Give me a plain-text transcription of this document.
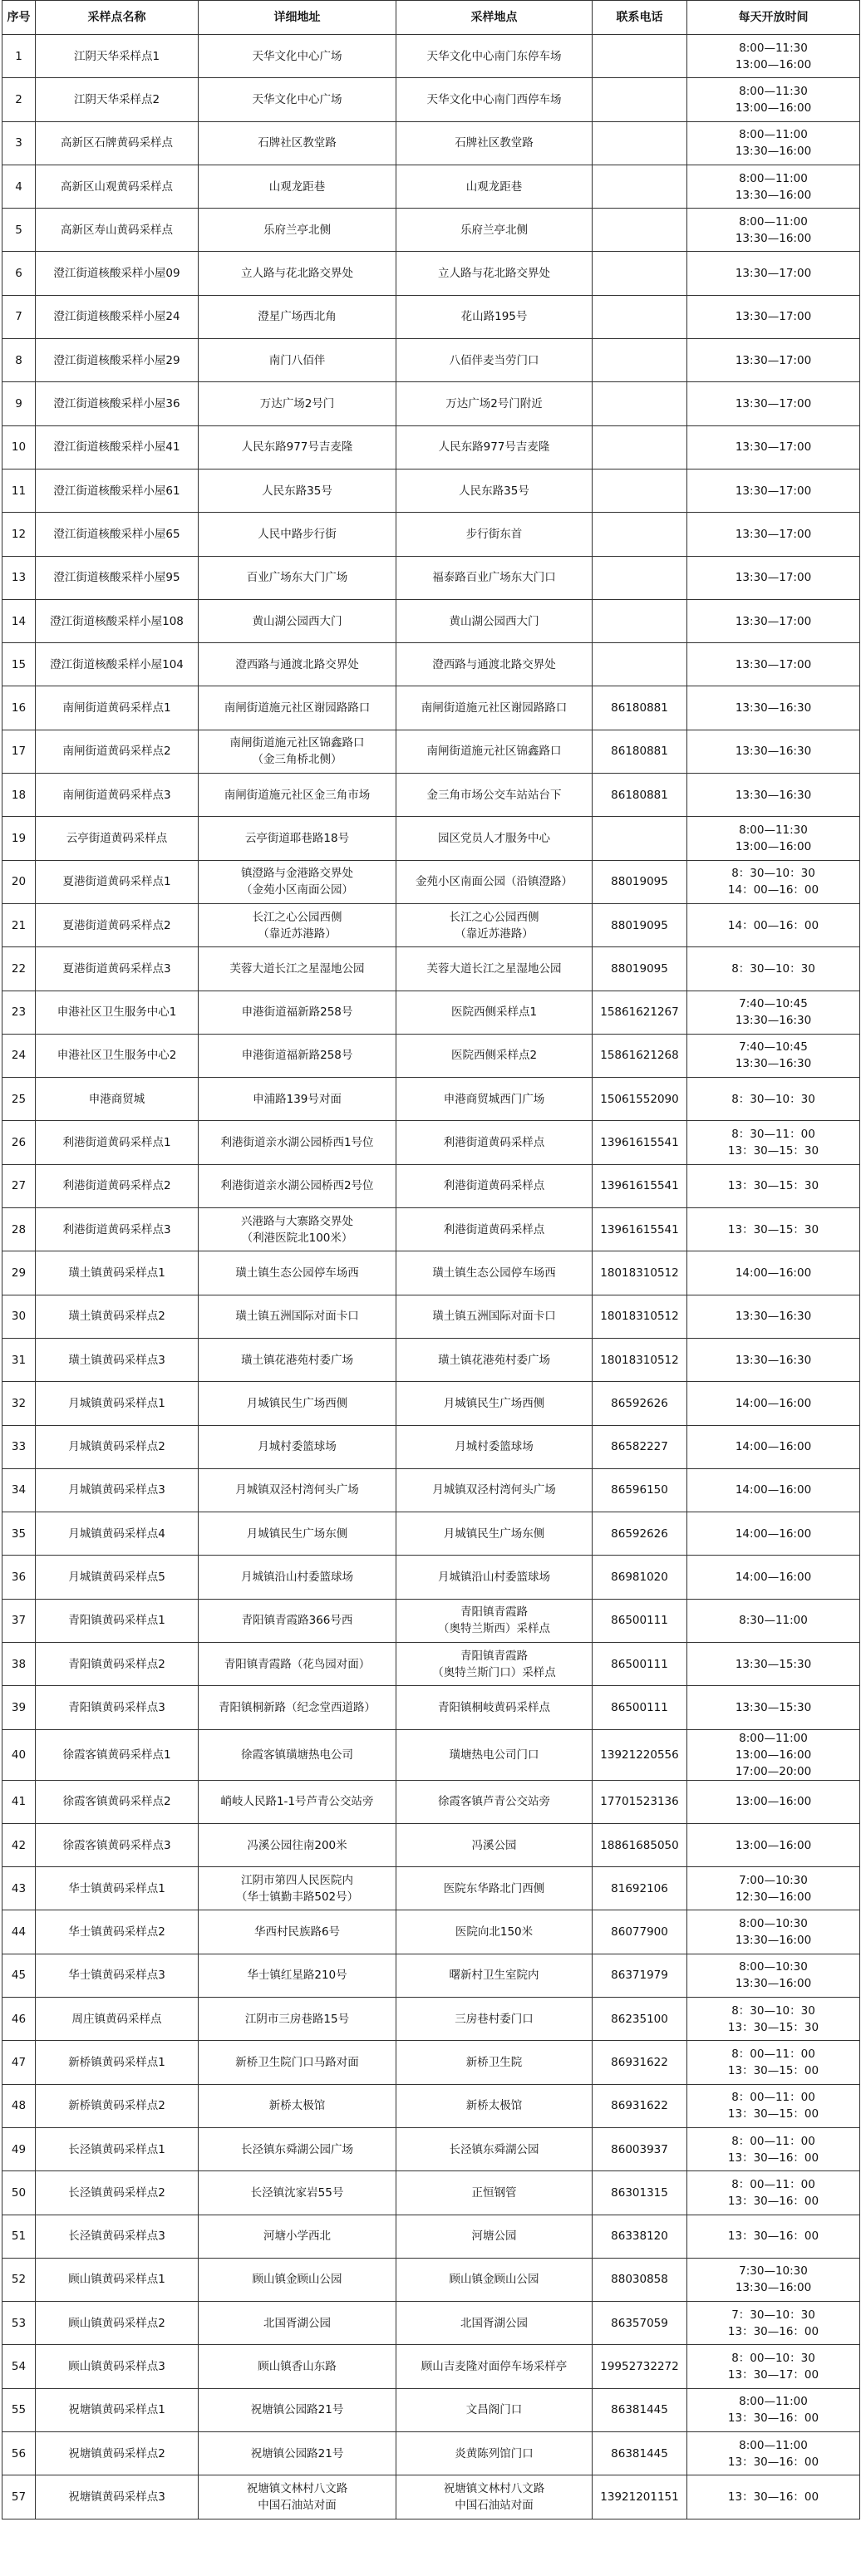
序号	采样点名称	详细地址	采样地点	联系电话	每天开放时间

1	江阴天华采样点1	天华文化中心广场	天华文化中心南门东停车场		8:00—11:30
13:00—16:00

2	江阴天华采样点2	天华文化中心广场	天华文化中心南门西停车场		8:00—11:30
13:00—16:00

3	高新区石牌黄码采样点	石牌社区教堂路	石牌社区教堂路		8:00—11:00
13:30—16:00

4	高新区山观黄码采样点	山观龙距巷	山观龙距巷		8:00—11:00
13:30—16:00

5	高新区寿山黄码采样点	乐府兰亭北侧	乐府兰亭北侧		8:00—11:00
13:30—16:00

6	澄江街道核酸采样小屋09	立人路与花北路交界处	立人路与花北路交界处		13:30—17:00

7	澄江街道核酸采样小屋24	澄星广场西北角	花山路195号		13:30—17:00

8	澄江街道核酸采样小屋29	南门八佰伴	八佰伴麦当劳门口		13:30—17:00

9	澄江街道核酸采样小屋36	万达广场2号门	万达广场2号门附近		13:30—17:00

10	澄江街道核酸采样小屋41	人民东路977号吉麦隆	人民东路977号吉麦隆		13:30—17:00

11	澄江街道核酸采样小屋61	人民东路35号	人民东路35号		13:30—17:00

12	澄江街道核酸采样小屋65	人民中路步行街	步行街东首		13:30—17:00

13	澄江街道核酸采样小屋95	百业广场东大门广场	福泰路百业广场东大门口		13:30—17:00

14	澄江街道核酸采样小屋108	黄山湖公园西大门	黄山湖公园西大门		13:30—17:00

15	澄江街道核酸采样小屋104	澄西路与通渡北路交界处	澄西路与通渡北路交界处		13:30—17:00

16	南闸街道黄码采样点1	南闸街道施元社区谢园路路口	南闸街道施元社区谢园路路口	86180881	13:30—16:30

17	南闸街道黄码采样点2	南闸街道施元社区锦鑫路口
（金三角桥北侧）	南闸街道施元社区锦鑫路口	86180881	13:30—16:30

18	南闸街道黄码采样点3	南闸街道施元社区金三角市场	金三角市场公交车站站台下	86180881	13:30—16:30

19	云亭街道黄码采样点	云亭街道耶巷路18号	园区党员人才服务中心		8:00—11:30
13:00—16:00

20	夏港街道黄码采样点1	镇澄路与金港路交界处
（金苑小区南面公园）	金苑小区南面公园（沿镇澄路）	88019095	8：30—10：30
14：00—16：00

21	夏港街道黄码采样点2	长江之心公园西侧
（靠近苏港路）	长江之心公园西侧
（靠近苏港路）	88019095	14：00—16：00

22	夏港街道黄码采样点3	芙蓉大道长江之星湿地公园	芙蓉大道长江之星湿地公园	88019095	8：30—10：30

23	申港社区卫生服务中心1	申港街道福新路258号	医院西侧采样点1	15861621267	7:40—10:45
13:30—16:30

24	申港社区卫生服务中心2	申港街道福新路258号	医院西侧采样点2	15861621268	7:40—10:45
13:30—16:30

25	申港商贸城	申浦路139号对面	申港商贸城西门广场	15061552090	8：30—10：30

26	利港街道黄码采样点1	利港街道亲水湖公园桥西1号位	利港街道黄码采样点	13961615541	8：30—11：00
13：30—15：30

27	利港街道黄码采样点2	利港街道亲水湖公园桥西2号位	利港街道黄码采样点	13961615541	13：30—15：30

28	利港街道黄码采样点3	兴港路与大寨路交界处
（利港医院北100米）	利港街道黄码采样点	13961615541	13：30—15：30

29	璜土镇黄码采样点1	璜土镇生态公园停车场西	璜土镇生态公园停车场西	18018310512	14:00—16:00

30	璜土镇黄码采样点2	璜土镇五洲国际对面卡口	璜土镇五洲国际对面卡口	18018310512	13:30—16:30

31	璜土镇黄码采样点3	璜土镇花港苑村委广场	璜土镇花港苑村委广场	18018310512	13:30—16:30

32	月城镇黄码采样点1	月城镇民生广场西侧	月城镇民生广场西侧	86592626	14:00—16:00

33	月城镇黄码采样点2	月城村委篮球场	月城村委篮球场	86582227	14:00—16:00

34	月城镇黄码采样点3	月城镇双泾村湾何头广场	月城镇双泾村湾何头广场	86596150	14:00—16:00

35	月城镇黄码采样点4	月城镇民生广场东侧	月城镇民生广场东侧	86592626	14:00—16:00

36	月城镇黄码采样点5	月城镇沿山村委篮球场	月城镇沿山村委篮球场	86981020	14:00—16:00

37	青阳镇黄码采样点1	青阳镇青霞路366号西	青阳镇青霞路
（奥特兰斯西）采样点	86500111	8:30—11:00

38	青阳镇黄码采样点2	青阳镇青霞路（花鸟园对面）	青阳镇青霞路
（奥特兰斯门口）采样点	86500111	13:30—15:30

39	青阳镇黄码采样点3	青阳镇桐新路（纪念堂西道路）	青阳镇桐岐黄码采样点	86500111	13:30—15:30

40	徐霞客镇黄码采样点1	徐霞客镇璜塘热电公司	璜塘热电公司门口	13921220556	8:00—11:00
13:00—16:00
17:00—20:00

41	徐霞客镇黄码采样点2	峭岐人民路1-1号芦青公交站旁	徐霞客镇芦青公交站旁	17701523136	13:00—16:00

42	徐霞客镇黄码采样点3	冯溪公园往南200米	冯溪公园	18861685050	13:00—16:00

43	华士镇黄码采样点1	江阴市第四人民医院内
（华士镇勤丰路502号）	医院东华路北门西侧	81692106	7:00—10:30
12:30—16:00

44	华士镇黄码采样点2	华西村民族路6号	医院向北150米	86077900	8:00—10:30
13:30—16:00

45	华士镇黄码采样点3	华士镇红星路210号	曙新村卫生室院内	86371979	8:00—10:30
13:30—16:00

46	周庄镇黄码采样点	江阴市三房巷路15号	三房巷村委门口	86235100	8：30—10：30
13：30—15：30

47	新桥镇黄码采样点1	新桥卫生院门口马路对面	新桥卫生院	86931622	8：00—11：00
13：30—15：00

48	新桥镇黄码采样点2	新桥太极馆	新桥太极馆	86931622	8：00—11：00
13：30—15：00

49	长泾镇黄码采样点1	长泾镇东舜湖公园广场	长泾镇东舜湖公园	86003937	8：00—11：00
13：30—16：00

50	长泾镇黄码采样点2	长泾镇沈家岩55号	正恒钢管	86301315	8：00—11：00
13：30—16：00

51	长泾镇黄码采样点3	河塘小学西北	河塘公园	86338120	13：30—16：00

52	顾山镇黄码采样点1	顾山镇金顾山公园	顾山镇金顾山公园	88030858	7:30—10:30
13:30—16:00

53	顾山镇黄码采样点2	北国胥湖公园	北国胥湖公园	86357059	7：30—10：30
13：30—16：00

54	顾山镇黄码采样点3	顾山镇香山东路	顾山吉麦隆对面停车场采样亭	19952732272	8：00—10：30
13：30—17：00

55	祝塘镇黄码采样点1	祝塘镇公园路21号	文昌阁门口	86381445	8:00—11:00
13：30—16：00

56	祝塘镇黄码采样点2	祝塘镇公园路21号	炎黄陈列馆门口	86381445	8:00—11:00
13：30—16：00

57	祝塘镇黄码采样点3	祝塘镇文林村八文路
中国石油站对面	祝塘镇文林村八文路
中国石油站对面	13921201151	13：30—16：00
